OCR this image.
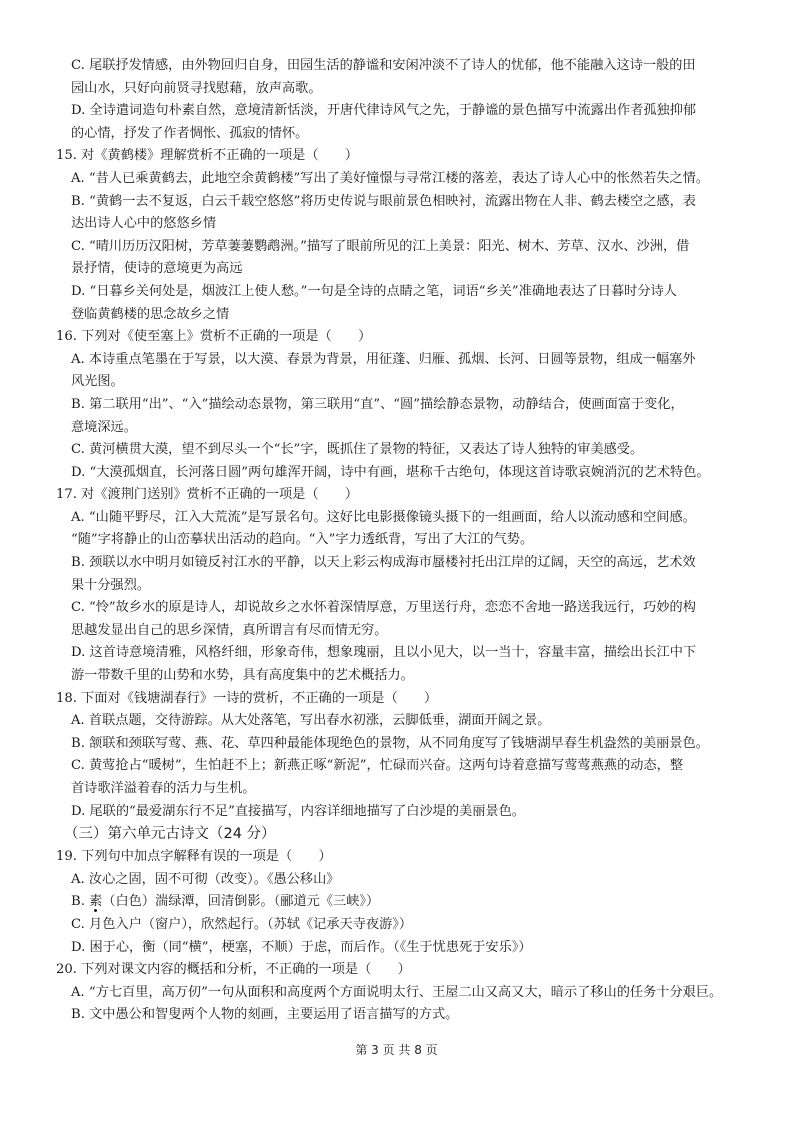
C. 尾联抒发情感，由外物回归自身，田园生活的静谧和安闲冲淡不了诗人的忧郁，他不能融入这诗一般的田
园山水，只好向前贤寻找慰藉，放声高歌。
D. 全诗遣词造句朴素自然，意境清新恬淡，开唐代律诗风气之先，于静谧的景色描写中流露出作者孤独抑郁
的心情，抒发了作者惆怅、孤寂的情怀。
15. 对《黄鹤楼》理解赏析不正确的一项是（　　）
A. “昔人已乘黄鹤去，此地空余黄鹤楼”写出了美好憧憬与寻常江楼的落差，表达了诗人心中的怅然若失之情。
B. “黄鹤一去不复返，白云千载空悠悠”将历史传说与眼前景色相映衬，流露出物在人非、鹤去楼空之感，表
达出诗人心中的悠悠乡情
C. “晴川历历汉阳树，芳草萋萋鹦鹉洲。”描写了眼前所见的江上美景：阳光、树木、芳草、汉水、沙洲，借
景抒情，使诗的意境更为高远
D. “日暮乡关何处是，烟波江上使人愁。”一句是全诗的点睛之笔，词语“乡关”准确地表达了日暮时分诗人
登临黄鹤楼的思念故乡之情
16. 下列对《使至塞上》赏析不正确的一项是（　　）
A. 本诗重点笔墨在于写景，以大漠、春景为背景，用征蓬、归雁、孤烟、长河、日圆等景物，组成一幅塞外
风光图。
B. 第二联用“出”、“入”描绘动态景物，第三联用“直”、“圆”描绘静态景物，动静结合，使画面富于变化，
意境深远。
C. 黄河横贯大漠，望不到尽头一个“长”字，既抓住了景物的特征，又表达了诗人独特的审美感受。
D. “大漠孤烟直，长河落日圆”两句雄浑开阔，诗中有画，堪称千古绝句，体现这首诗歌哀婉消沉的艺术特色。
17. 对《渡荆门送别》赏析不正确的一项是（　　）
A. “山随平野尽，江入大荒流”是写景名句。这好比电影摄像镜头摄下的一组画面，给人以流动感和空间感。
“随”字将静止的山峦摹状出活动的趋向。“入”字力透纸背，写出了大江的气势。
B. 颈联以水中明月如镜反衬江水的平静，以天上彩云构成海市蜃楼衬托出江岸的辽阔，天空的高远，艺术效
果十分强烈。
C. “怜”故乡水的原是诗人，却说故乡之水怀着深情厚意，万里送行舟，恋恋不舍地一路送我远行，巧妙的构
思越发显出自己的思乡深情，真所谓言有尽而情无穷。
D. 这首诗意境清雅，风格纤细，形象奇伟，想象瑰丽，且以小见大，以一当十，容量丰富，描绘出长江中下
游一带数千里的山势和水势，具有高度集中的艺术概括力。
18. 下面对《钱塘湖春行》一诗的赏析，不正确的一项是（　　）
A. 首联点题，交待游踪。从大处落笔，写出春水初涨，云脚低垂，湖面开阔之景。
B. 颔联和颈联写莺、燕、花、草四种最能体现绝色的景物，从不同角度写了钱塘湖早春生机盎然的美丽景色。
C. 黄莺抢占“暖树”，生怕赶不上；新燕正啄“新泥”，忙碌而兴奋。这两句诗着意描写莺莺燕燕的动态，整
首诗歌洋溢着春的活力与生机。
D. 尾联的“最爱湖东行不足”直接描写，内容详细地描写了白沙堤的美丽景色。
（三）第六单元古诗文（24 分）
19. 下列句中加点字解释有误的一项是（　　）
A. 汝心之固，固不可彻（改变）。《愚公移山》
B. 素（白色）湍绿潭，回清倒影。（郦道元《三峡》）
C. 月色入户（窗户），欣然起行。（苏轼《记承天寺夜游》）
D. 困于心，衡（同“横”，梗塞，不顺）于虑，而后作。（《生于忧患死于安乐》）
20. 下列对课文内容的概括和分析，不正确的一项是（　　）
A. “方七百里，高万仞”一句从面积和高度两个方面说明太行、王屋二山又高又大，暗示了移山的任务十分艰巨。
B. 文中愚公和智叟两个人物的刻画，主要运用了语言描写的方式。
第 3 页 共 8 页
